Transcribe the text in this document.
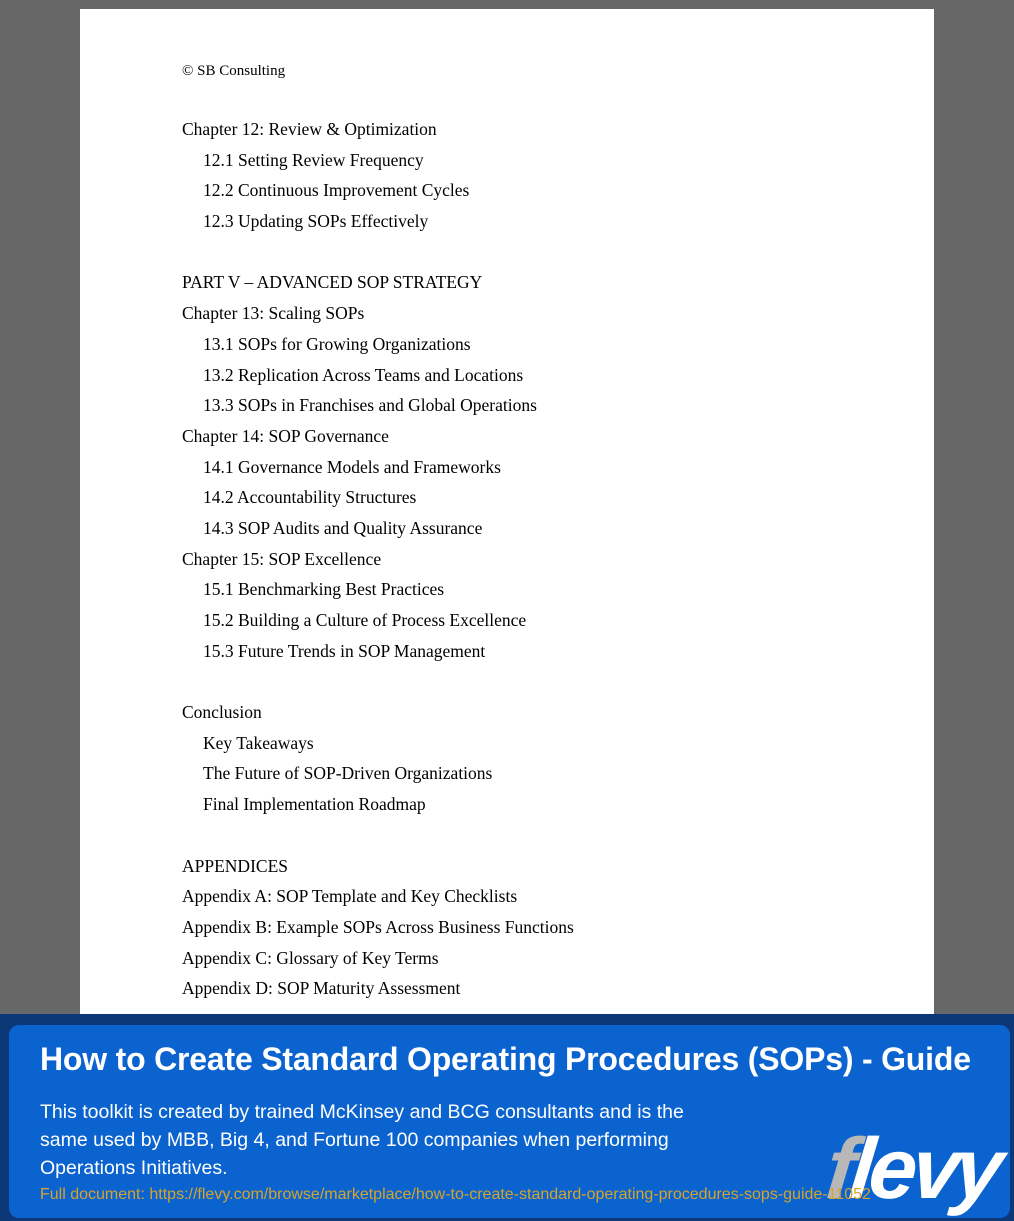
© SB Consulting
Chapter 12: Review & Optimization
12.1 Setting Review Frequency
12.2 Continuous Improvement Cycles
12.3 Updating SOPs Effectively
PART V – ADVANCED SOP STRATEGY
Chapter 13: Scaling SOPs
13.1 SOPs for Growing Organizations
13.2 Replication Across Teams and Locations
13.3 SOPs in Franchises and Global Operations
Chapter 14: SOP Governance
14.1 Governance Models and Frameworks
14.2 Accountability Structures
14.3 SOP Audits and Quality Assurance
Chapter 15: SOP Excellence
15.1 Benchmarking Best Practices
15.2 Building a Culture of Process Excellence
15.3 Future Trends in SOP Management
Conclusion
Key Takeaways
The Future of SOP-Driven Organizations
Final Implementation Roadmap
APPENDICES
Appendix A: SOP Template and Key Checklists
Appendix B: Example SOPs Across Business Functions
Appendix C: Glossary of Key Terms
Appendix D: SOP Maturity Assessment
How to Create Standard Operating Procedures (SOPs) - Guide
This toolkit is created by trained McKinsey and BCG consultants and is the
same used by MBB, Big 4, and Fortune 100 companies when performing
Operations Initiatives.
Full document: https://flevy.com/browse/marketplace/how-to-create-standard-operating-procedures-sops-guide-11052
flevy
